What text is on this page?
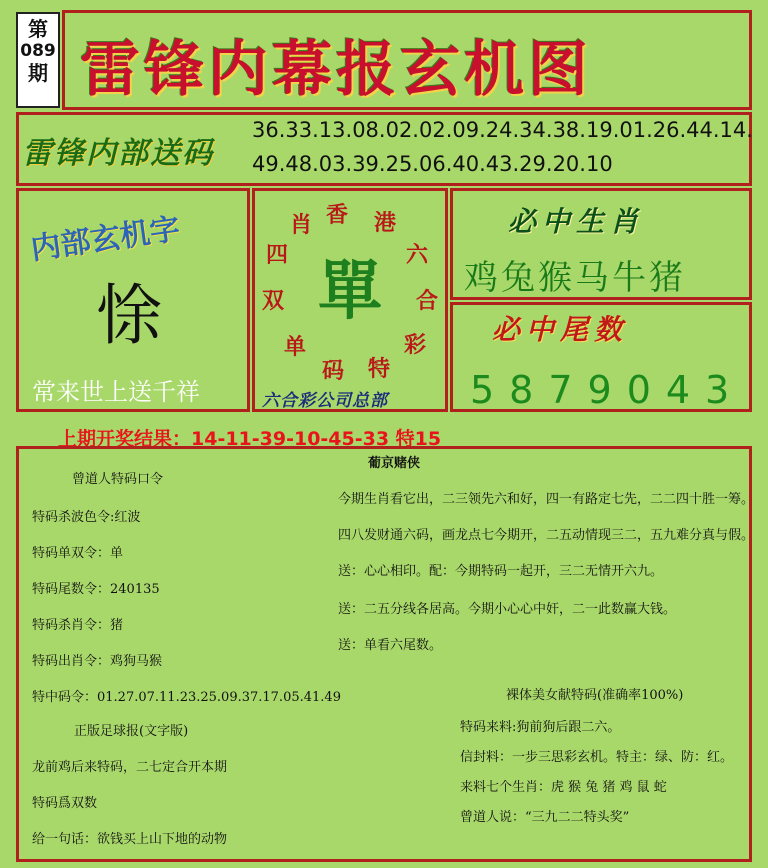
第
089
期 雷锋内幕报玄机图
雷锋内部送码
36.33.13.08.02.02.09.24.34.38.19.01.26.44.14.
49.48.03.39.25.06.40.43.29.20.10
内部玄机字
悇
常来世上送千祥
香 港
六
合
彩
特
码
单
双
四
肖
單
六合彩公司总部
必中生肖
鸡兔猴马牛猪
必中尾数
5879043
上期开奖结果：14-11-39-10-45-33 特15
曾道人特码口令
特码杀波色令:红波
特码单双令：单
特码尾数令：240135
特码杀肖令：猪
特码出肖令：鸡狗马猴
特中码令：01.27.07.11.23.25.09.37.17.05.41.49
正版足球报(文字版)
龙前鸡后来特码，二七定合开本期
特码爲双数
给一句话：欲钱买上山下地的动物
葡京赌侠
今期生肖看它出，二三领先六和好，四一有路定七先，二二四十胜一筹。
四八发财通六码，画龙点七今期开，二五动情现三二，五九难分真与假。
送：心心相印。配：今期特码一起开，三二无情开六九。
送：二五分线各居高。今期小心心中奸，二一此数赢大钱。
送：单看六尾数。
裸体美女献特码(准确率100%)
特码来料:狗前狗后跟二六。
信封料：一步三思彩玄机。特主：绿、防：红。
来料七个生肖：虎 猴 兔 猪 鸡 鼠 蛇
曾道人说：“三九二二特头奖”
